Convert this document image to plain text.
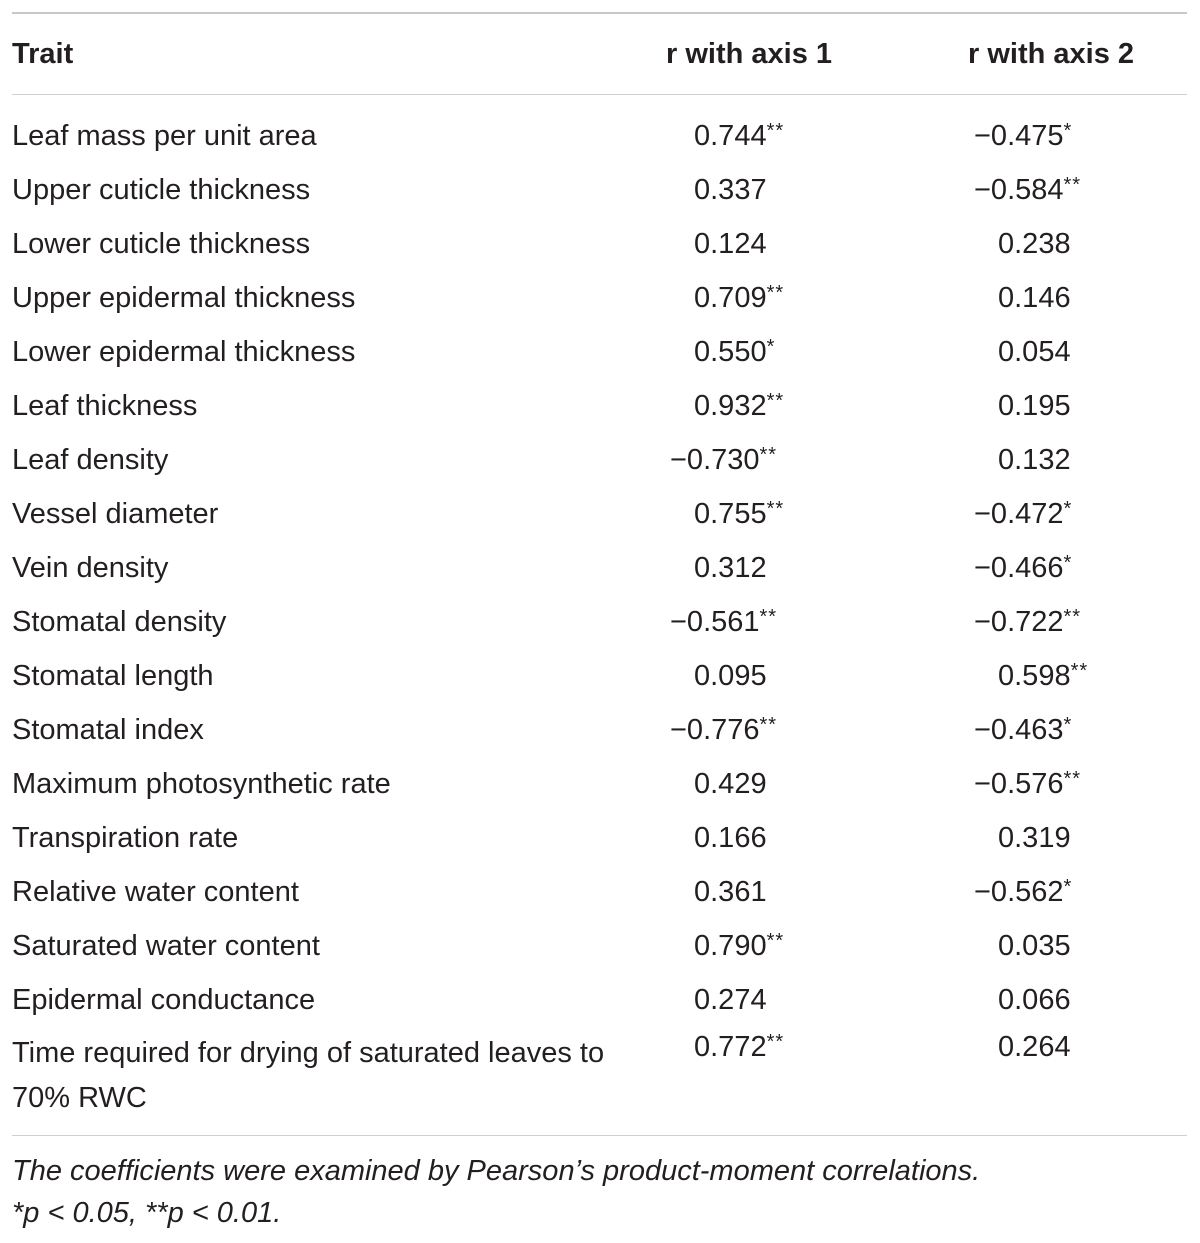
Trait	r with axis 1	r with axis 2

Leaf mass per unit area	0.744**	−0.475*
Upper cuticle thickness	0.337	−0.584**
Lower cuticle thickness	0.124	0.238
Upper epidermal thickness	0.709**	0.146
Lower epidermal thickness	0.550*	0.054
Leaf thickness	0.932**	0.195
Leaf density	−0.730**	0.132
Vessel diameter	0.755**	−0.472*
Vein density	0.312	−0.466*
Stomatal density	−0.561**	−0.722**
Stomatal length	0.095	0.598**
Stomatal index	−0.776**	−0.463*
Maximum photosynthetic rate	0.429	−0.576**
Transpiration rate	0.166	0.319
Relative water content	0.361	−0.562*
Saturated water content	0.790**	0.035
Epidermal conductance	0.274	0.066
Time required for drying of saturated leaves to 70% RWC	0.772**	0.264
The coefficients were examined by Pearson’s product-moment correlations.
*p < 0.05, **p < 0.01.
